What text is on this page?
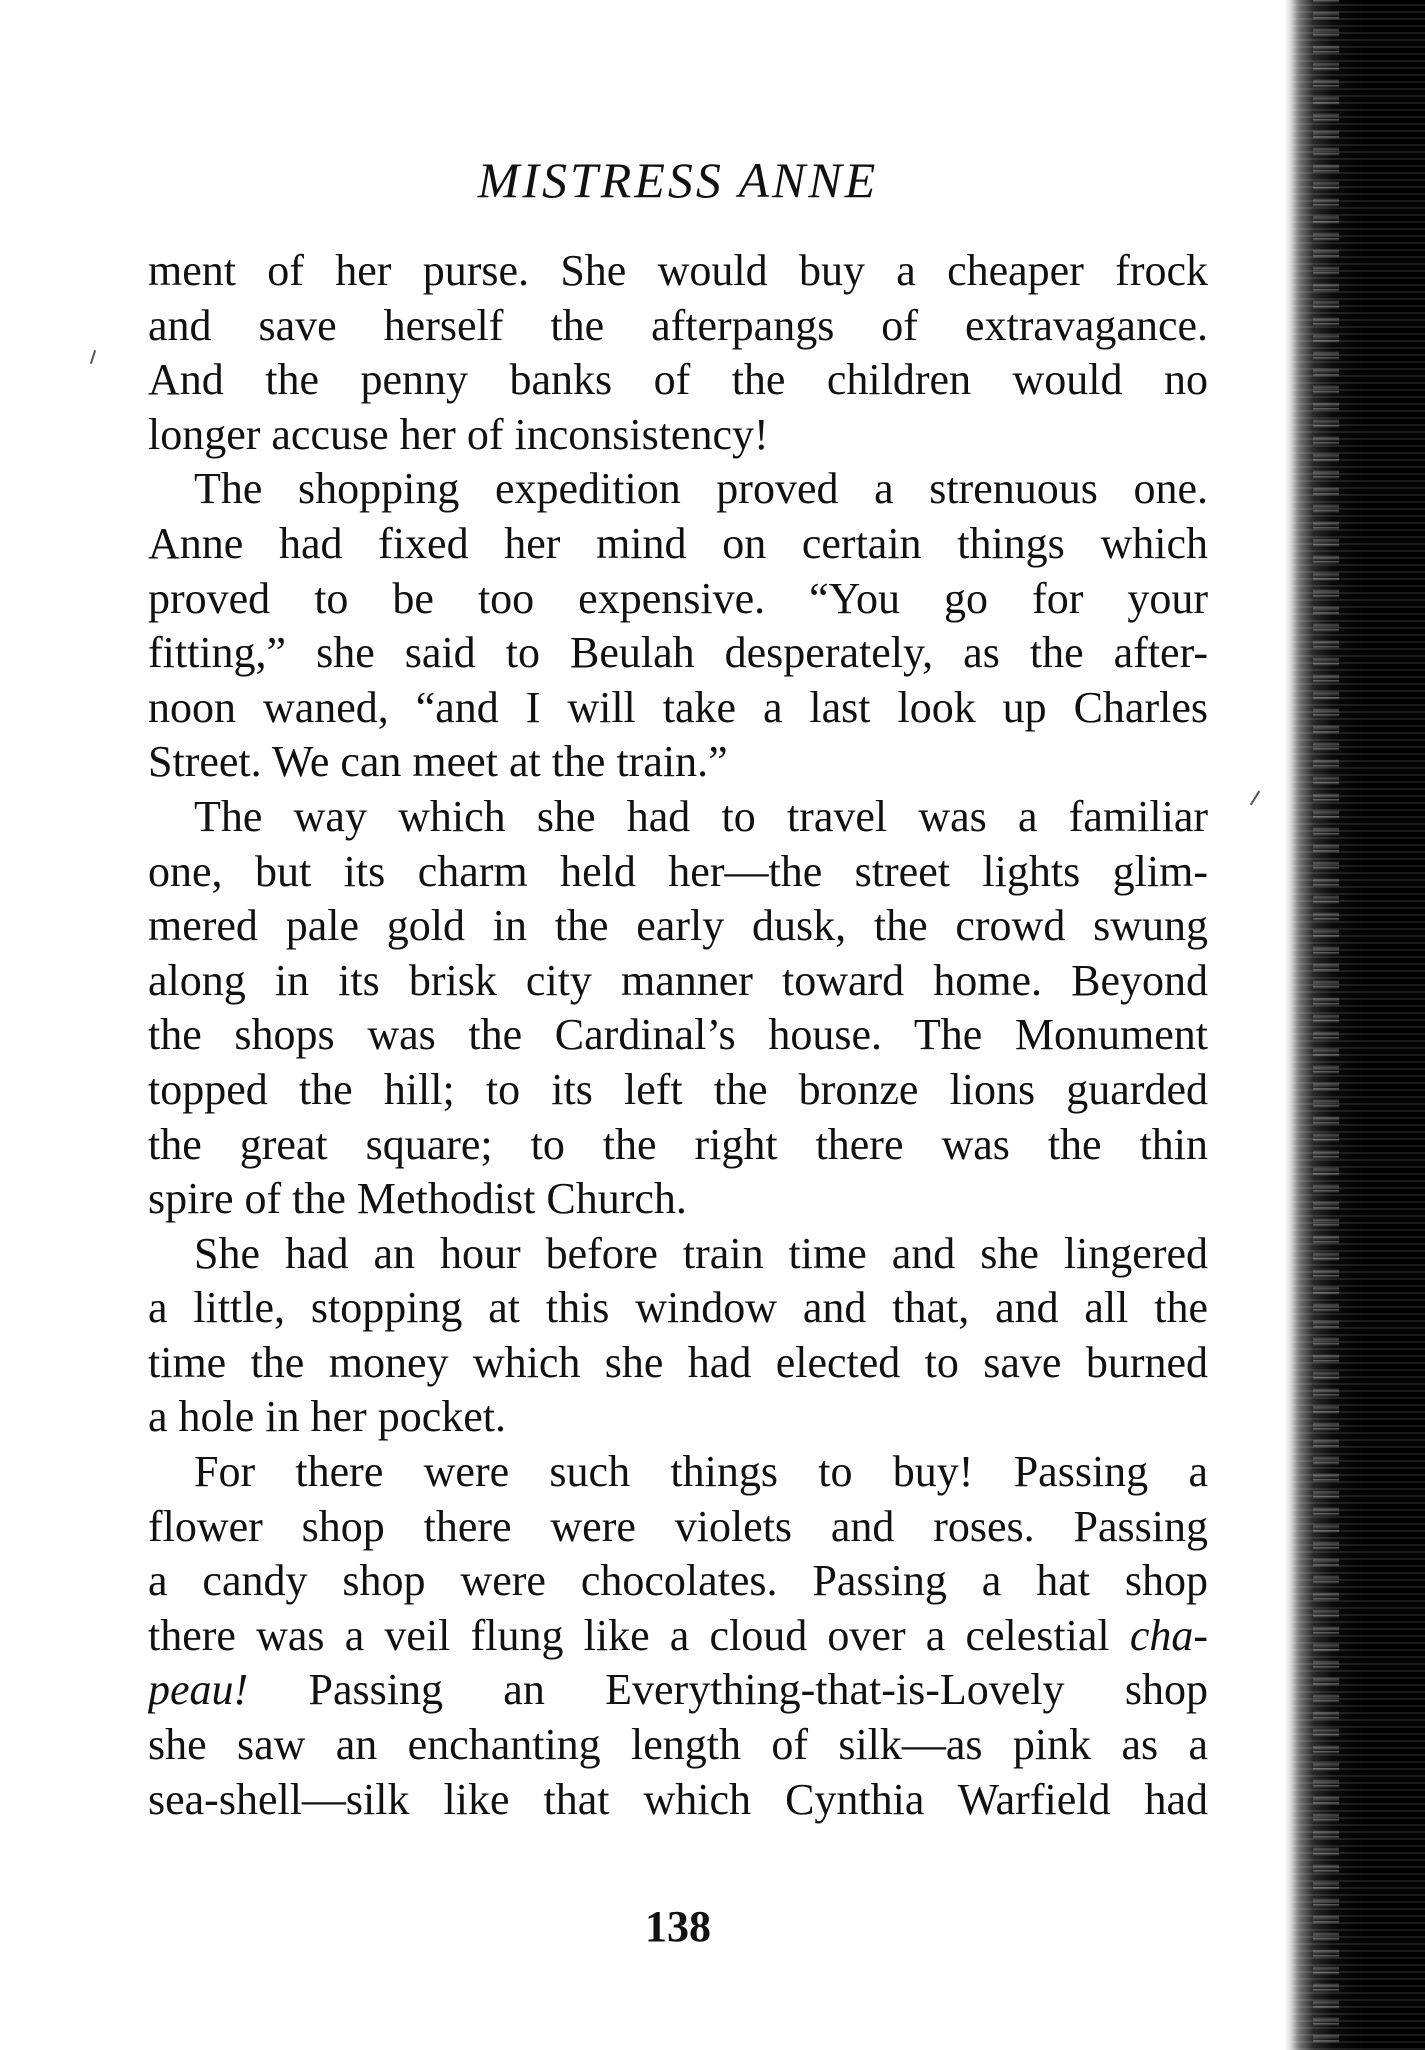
MISTRESS ANNE
ment of her purse. She would buy a cheaper frock
and save herself the afterpangs of extravagance.
And the penny banks of the children would no
longer accuse her of inconsistency!
The shopping expedition proved a strenuous one.
Anne had fixed her mind on certain things which
proved to be too expensive. “You go for your
fitting,” she said to Beulah desperately, as the after-
noon waned, “and I will take a last look up Charles
Street. We can meet at the train.”
The way which she had to travel was a familiar
one, but its charm held her—the street lights glim-
mered pale gold in the early dusk, the crowd swung
along in its brisk city manner toward home. Beyond
the shops was the Cardinal’s house. The Monument
topped the hill; to its left the bronze lions guarded
the great square; to the right there was the thin
spire of the Methodist Church.
She had an hour before train time and she lingered
a little, stopping at this window and that, and all the
time the money which she had elected to save burned
a hole in her pocket.
For there were such things to buy! Passing a
flower shop there were violets and roses. Passing
a candy shop were chocolates. Passing a hat shop
there was a veil flung like a cloud over a celestial cha-
peau! Passing an Everything-that-is-Lovely shop
she saw an enchanting length of silk—as pink as a
sea-shell—silk like that which Cynthia Warfield had
138
